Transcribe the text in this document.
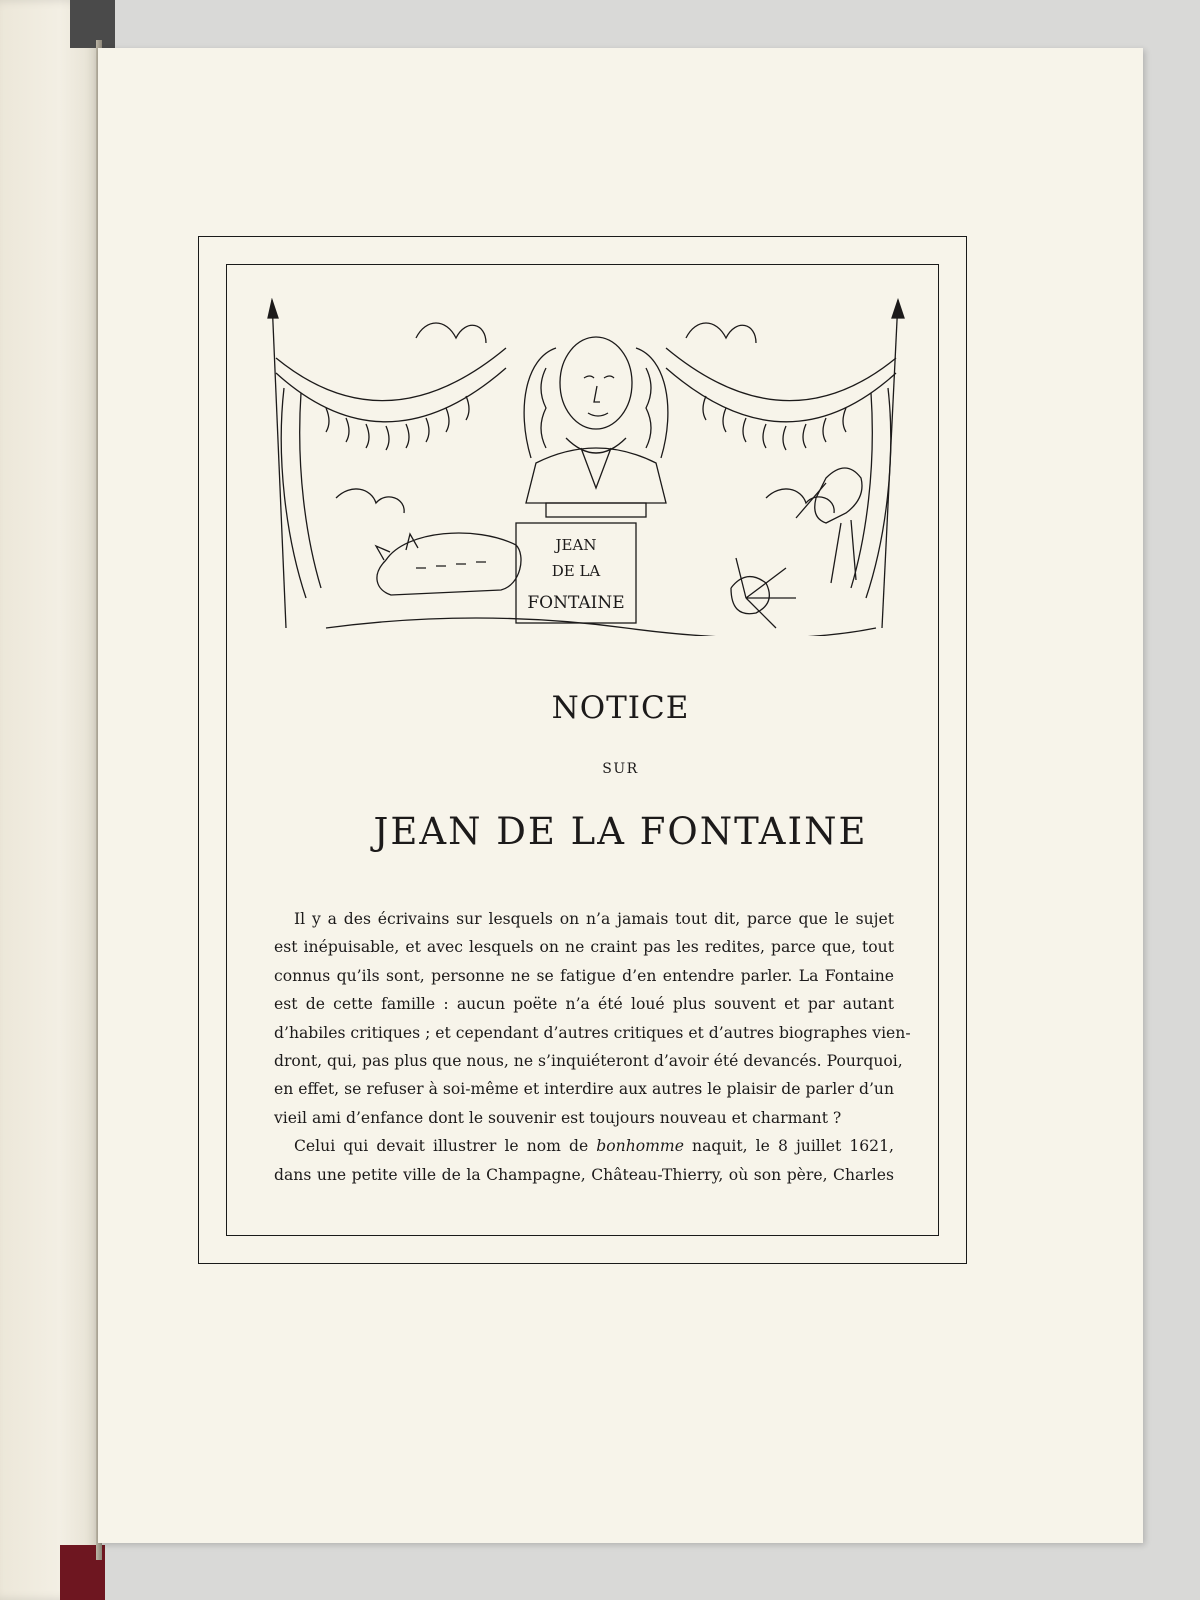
JEAN
DE LA
FONTAINE
NOTICE
SUR
JEAN DE LA FONTAINE
Il y a des écrivains sur lesquels on n’a jamais tout dit, parce que le sujet
est inépuisable, et avec lesquels on ne craint pas les redites, parce que, tout
connus qu’ils sont, personne ne se fatigue d’en entendre parler. La Fontaine
est de cette famille : aucun poëte n’a été loué plus souvent et par autant
d’habiles critiques ; et cependant d’autres critiques et d’autres biographes vien-
dront, qui, pas plus que nous, ne s’inquiéteront d’avoir été devancés. Pourquoi,
en effet, se refuser à soi-même et interdire aux autres le plaisir de parler d’un
vieil ami d’enfance dont le souvenir est toujours nouveau et charmant ?
Celui qui devait illustrer le nom de bonhomme naquit, le 8 juillet 1621,
dans une petite ville de la Champagne, Château-Thierry, où son père, Charles
